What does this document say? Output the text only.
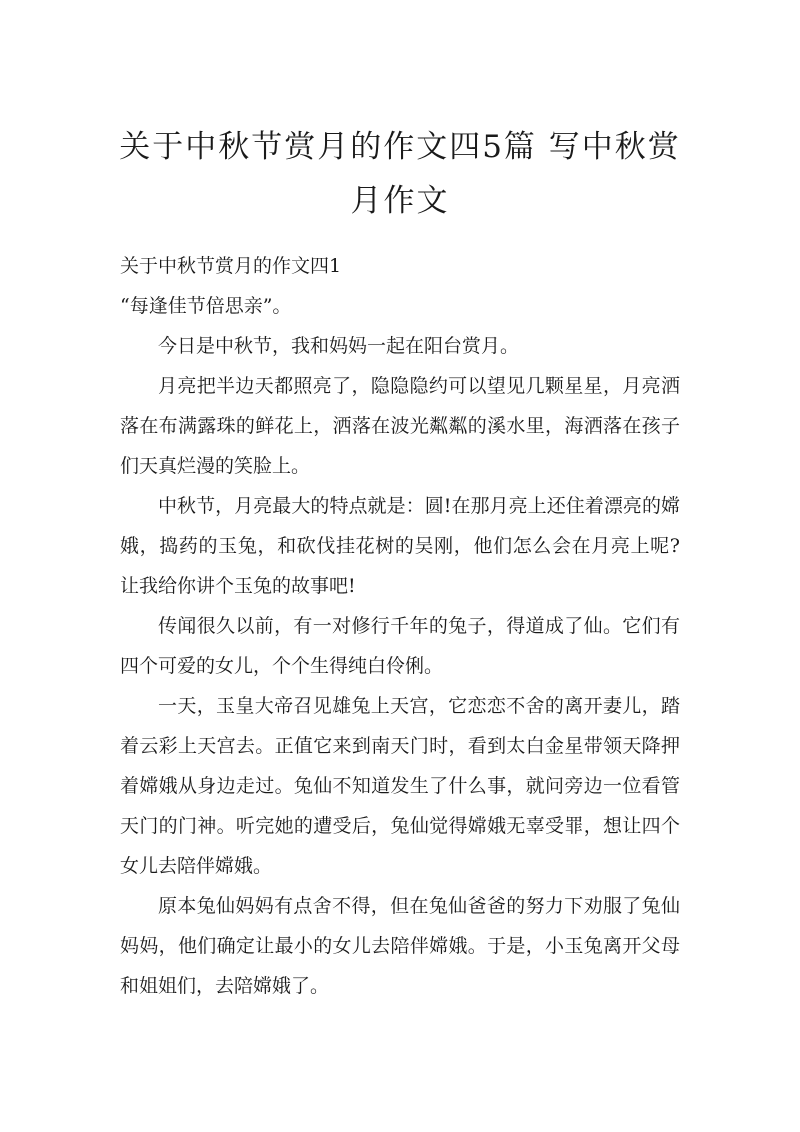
关于中秋节赏月的作文四5篇 写中秋赏月作文

关于中秋节赏月的作文四1

“每逢佳节倍思亲”。

今日是中秋节，我和妈妈一起在阳台赏月。

月亮把半边天都照亮了，隐隐隐约可以望见几颗星星，月亮洒落在布满露珠的鲜花上，洒落在波光粼粼的溪水里，海洒落在孩子们天真烂漫的笑脸上。

中秋节，月亮最大的特点就是：圆!在那月亮上还住着漂亮的嫦娥，捣药的玉兔，和砍伐挂花树的吴刚，他们怎么会在月亮上呢?让我给你讲个玉兔的故事吧!

传闻很久以前，有一对修行千年的兔子，得道成了仙。它们有四个可爱的女儿，个个生得纯白伶俐。

一天，玉皇大帝召见雄兔上天宫，它恋恋不舍的离开妻儿，踏着云彩上天宫去。正值它来到南天门时，看到太白金星带领天降押着嫦娥从身边走过。兔仙不知道发生了什么事，就问旁边一位看管天门的门神。听完她的遭受后，兔仙觉得嫦娥无辜受罪，想让四个女儿去陪伴嫦娥。

原本兔仙妈妈有点舍不得，但在兔仙爸爸的努力下劝服了兔仙妈妈，他们确定让最小的女儿去陪伴嫦娥。于是，小玉兔离开父母和姐姐们，去陪嫦娥了。
